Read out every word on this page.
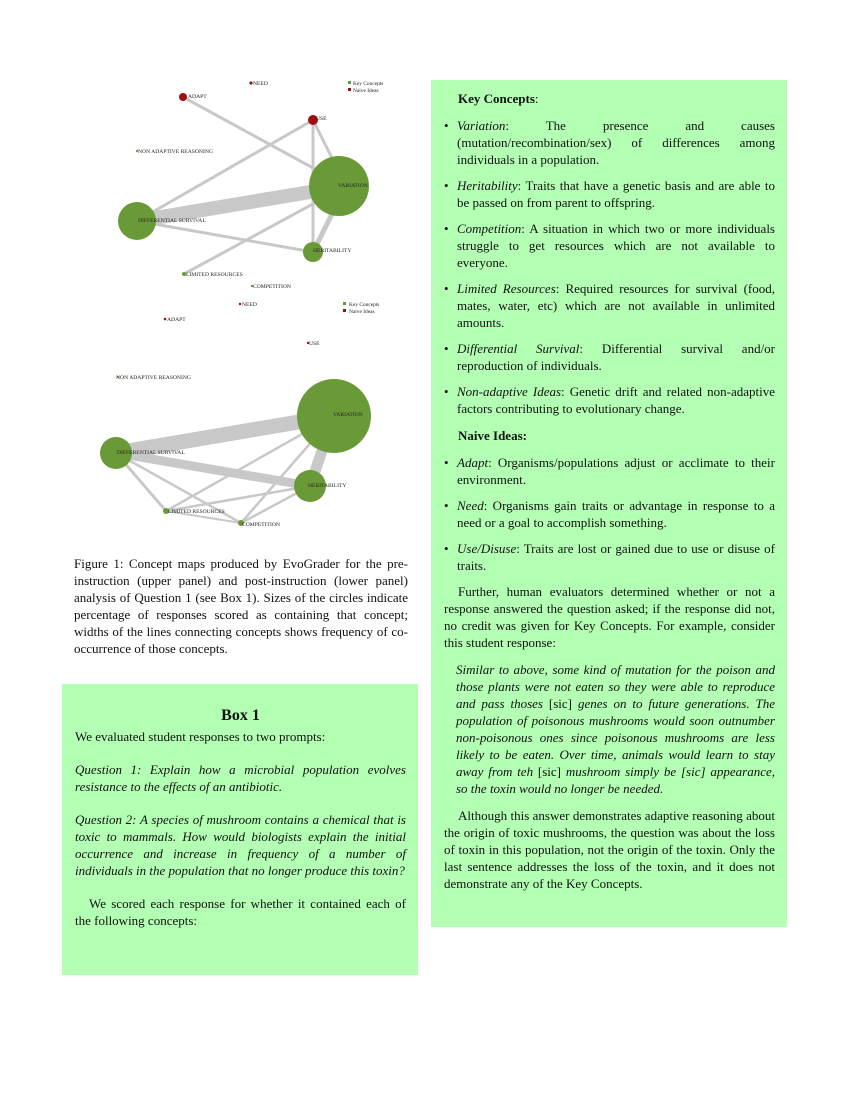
NEED
ADAPT
USE
NON ADAPTIVE REASONING
VARIATION
DIFFERENTIAL SURVIVAL
HERITABILITY
LIMITED RESOURCES
COMPETITION
Key Concepts
Naive Ideas
NEED
ADAPT
USE
NON ADAPTIVE REASONING
VARIATION
DIFFERENTIAL SURVIVAL
HERITABILITY
LIMITED RESOURCES
COMPETITION
Key Concepts
Naive Ideas

Figure 1: Concept maps produced by EvoGrader for the pre-instruction (upper panel) and post-instruction (lower panel) analysis of Question 1 (see Box 1). Sizes of the circles indicate percentage of responses scored as containing that concept; widths of the lines connecting concepts shows frequency of co-occurrence of those concepts.

Box 1

We evaluated student responses to two prompts:

Question 1: Explain how a microbial population evolves resistance to the effects of an antibiotic.

Question 2: A species of mushroom contains a chemical that is toxic to mammals. How would biologists explain the initial occurrence and increase in frequency of a number of individuals in the population that no longer produce this toxin?

We scored each response for whether it contained each of the following concepts:

Key Concepts:
• Variation: The presence and causes (mutation/recombination/sex) of differences among individuals in a population.
• Heritability: Traits that have a genetic basis and are able to be passed on from parent to offspring.
• Competition: A situation in which two or more individuals struggle to get resources which are not available to everyone.
• Limited Resources: Required resources for survival (food, mates, water, etc) which are not available in unlimited amounts.
• Differential Survival: Differential survival and/or reproduction of individuals.
• Non-adaptive Ideas: Genetic drift and related non-adaptive factors contributing to evolutionary change.
Naive Ideas:
• Adapt: Organisms/populations adjust or acclimate to their environment.
• Need: Organisms gain traits or advantage in response to a need or a goal to accomplish something.
• Use/Disuse: Traits are lost or gained due to use or disuse of traits.

Further, human evaluators determined whether or not a response answered the question asked; if the response did not, no credit was given for Key Concepts. For example, consider this student response:

Similar to above, some kind of mutation for the poison and those plants were not eaten so they were able to reproduce and pass thoses [sic] genes on to future generations. The population of poisonous mushrooms would soon outnumber non-poisonous ones since poisonous mushrooms are less likely to be eaten. Over time, animals would learn to stay away from teh [sic] mushroom simply be [sic] appearance, so the toxin would no longer be needed.

Although this answer demonstrates adaptive reasoning about the origin of toxic mushrooms, the question was about the loss of toxin in this population, not the origin of the toxin. Only the last sentence addresses the loss of the toxin, and it does not demonstrate any of the Key Concepts.
